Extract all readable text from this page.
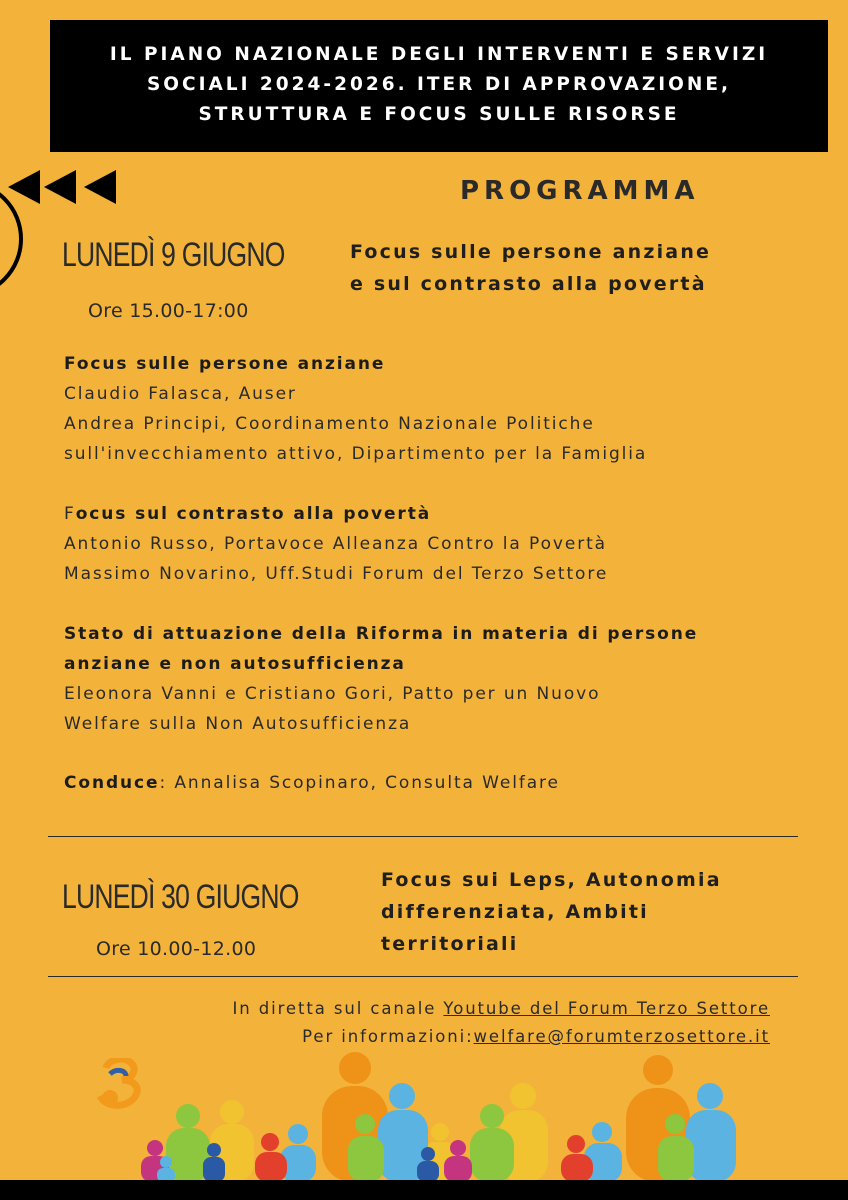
IL PIANO NAZIONALE DEGLI INTERVENTI E SERVIZI
SOCIALI 2024-2026. ITER DI APPROVAZIONE,
STRUTTURA E FOCUS SULLE RISORSE
PROGRAMMA
LUNEDÌ 9 GIUGNO
Ore 15.00-17:00
Focus sulle persone anziane
e sul contrasto alla povertà
Focus sulle persone anziane
Claudio Falasca, Auser
Andrea Principi, Coordinamento Nazionale Politiche
sull'invecchiamento attivo, Dipartimento per la Famiglia
Focus sul contrasto alla povertà
Antonio Russo, Portavoce Alleanza Contro la Povertà
Massimo Novarino, Uff.Studi Forum del Terzo Settore
Stato di attuazione della Riforma in materia di persone
anziane e non autosufficienza
Eleonora Vanni e Cristiano Gori, Patto per un Nuovo
Welfare sulla Non Autosufficienza
Conduce: Annalisa Scopinaro, Consulta Welfare
LUNEDÌ 30 GIUGNO
Ore 10.00-12.00
Focus sui Leps, Autonomia
differenziata, Ambiti
territoriali
In diretta sul canale Youtube del Forum Terzo Settore
Per informazioni:welfare@forumterzosettore.it
